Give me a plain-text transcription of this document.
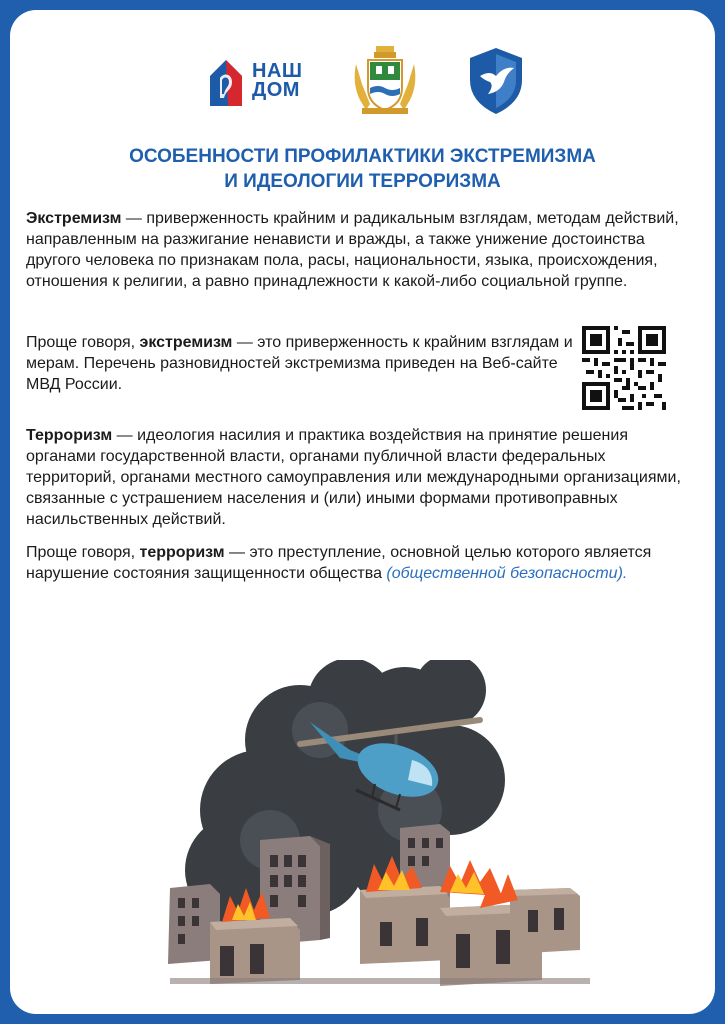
НАШ
ДОМ
ОСОБЕННОСТИ ПРОФИЛАКТИКИ ЭКСТРЕМИЗМА
И ИДЕОЛОГИИ ТЕРРОРИЗМА
Экстремизм — приверженность крайним и радикальным взглядам, методам действий, направленным на разжигание ненависти и вражды, а также унижение достоинства другого человека по признакам пола, расы, национальности, языка, происхождения, отношения к религии, а равно принадлежности к какой-либо социальной группе.
Проще говоря, экстремизм — это приверженность к крайним взглядам и мерам. Перечень разновидностей экстремизма приведен на Веб-сайте МВД России.
Терроризм — идеология насилия и практика воздействия на принятие решения органами государственной власти, органами публичной власти федеральных территорий, органами местного самоуправления или международными организациями, связанные с устрашением населения и (или) иными формами противоправных насильственных действий.
Проще говоря, терроризм — это преступление, основной целью которого является нарушение состояния защищенности общества (общественной безопасности).
